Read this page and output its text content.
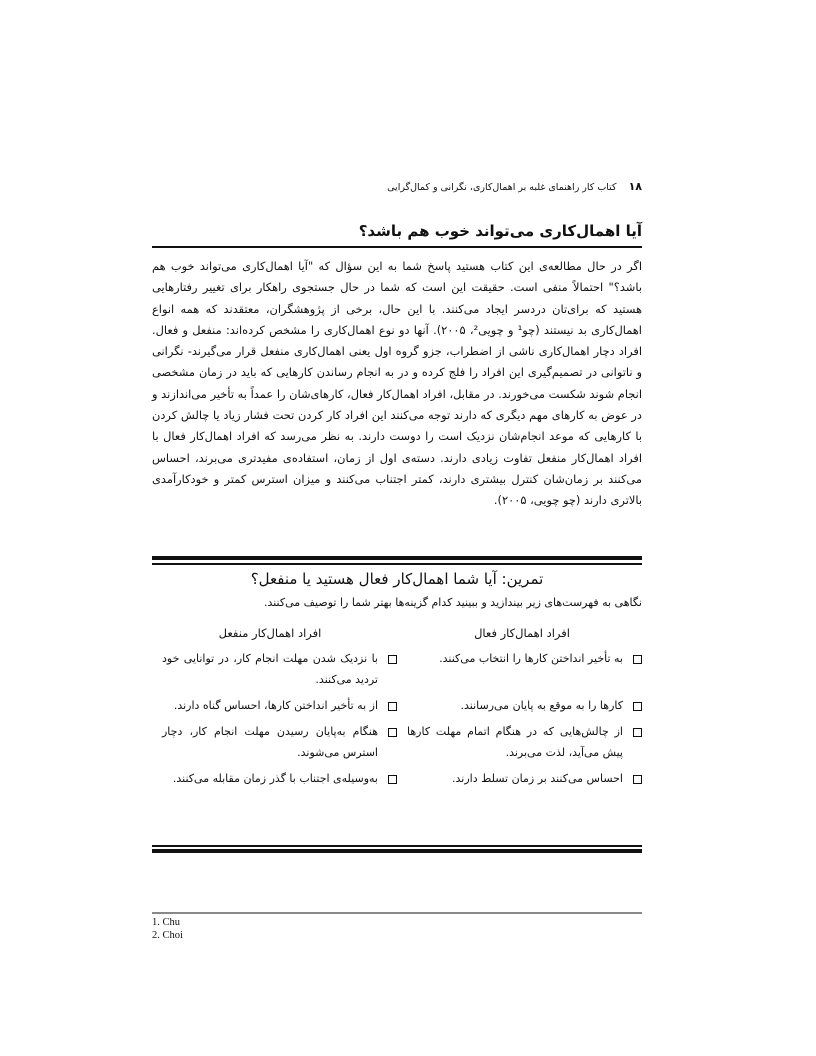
۱۸کتاب کار راهنمای غلبه بر اهمال‌کاری، نگرانی و کمال‌گرایی
آیا اهمال‌کاری می‌تواند خوب هم باشد؟

اگر در حال مطالعه‌ی این کتاب هستید پاسخ شما به این سؤال که "آیا اهمال‌کاری می‌تواند خوب هم باشد؟" احتمالاً منفی است. حقیقت این است که شما در حال جستجوی راهکار برای تغییر رفتارهایی هستید که برای‌تان دردسر ایجاد می‌کنند. با این حال، برخی از پژوهشگران، معتقدند که همه انواع اهمال‌کاری بد نیستند (چو¹ و چویی²، ۲۰۰۵). آنها دو نوع اهمال‌کاری را مشخص کرده‌اند: منفعل و فعال. افراد دچار اهمال‌کاری ناشی از اضطراب، جزو گروه اول یعنی اهمال‌کاری منفعل قرار می‌گیرند- نگرانی و ناتوانی در تصمیم‌گیری این افراد را فلج کرده و در به انجام رساندن کارهایی که باید در زمان مشخصی انجام شوند شکست می‌خورند. در مقابل، افراد اهمال‌کار فعال، کارهای‌شان را عمداً به تأخیر می‌اندازند و در عوض به کارهای مهم دیگری که دارند توجه می‌کنند این افراد کار کردن تحت فشار زیاد یا چالش کردن با کارهایی که موعد انجام‌شان نزدیک است را دوست دارند. به نظر می‌رسد که افراد اهمال‌کار فعال با افراد اهمال‌کار منفعل تفاوت زیادی دارند. دسته‌ی اول از زمان، استفاده‌ی مفیدتری می‌برند، احساس می‌کنند بر زمان‌شان کنترل بیشتری دارند، کمتر اجتناب می‌کنند و میزان استرس کمتر و خودکارآمدی بالاتری دارند (چو چویی، ۲۰۰۵).

تمرین: آیا شما اهمال‌کار فعال هستید یا منفعل؟
نگاهی به فهرست‌های زیر بیندازید و ببینید کدام گزینه‌ها بهتر شما را توصیف می‌کنند.
افراد اهمال‌کار فعال
افراد اهمال‌کار منفعل
به تأخیر انداختن کارها را انتخاب می‌کنند.
با نزدیک شدن مهلت انجام کار، در توانایی خود تردید می‌کنند.
کارها را به موقع به پایان می‌رسانند.
از به تأخیر انداختن کارها، احساس گناه دارند.
از چالش‌هایی که در هنگام اتمام مهلت کارها پیش می‌آید، لذت می‌برند.
هنگام به‌پایان رسیدن مهلت انجام کار، دچار استرس می‌شوند.
احساس می‌کنند بر زمان تسلط دارند.
به‌وسیله‌ی اجتناب با گذر زمان مقابله می‌کنند.
1. Chu
2. Choi
